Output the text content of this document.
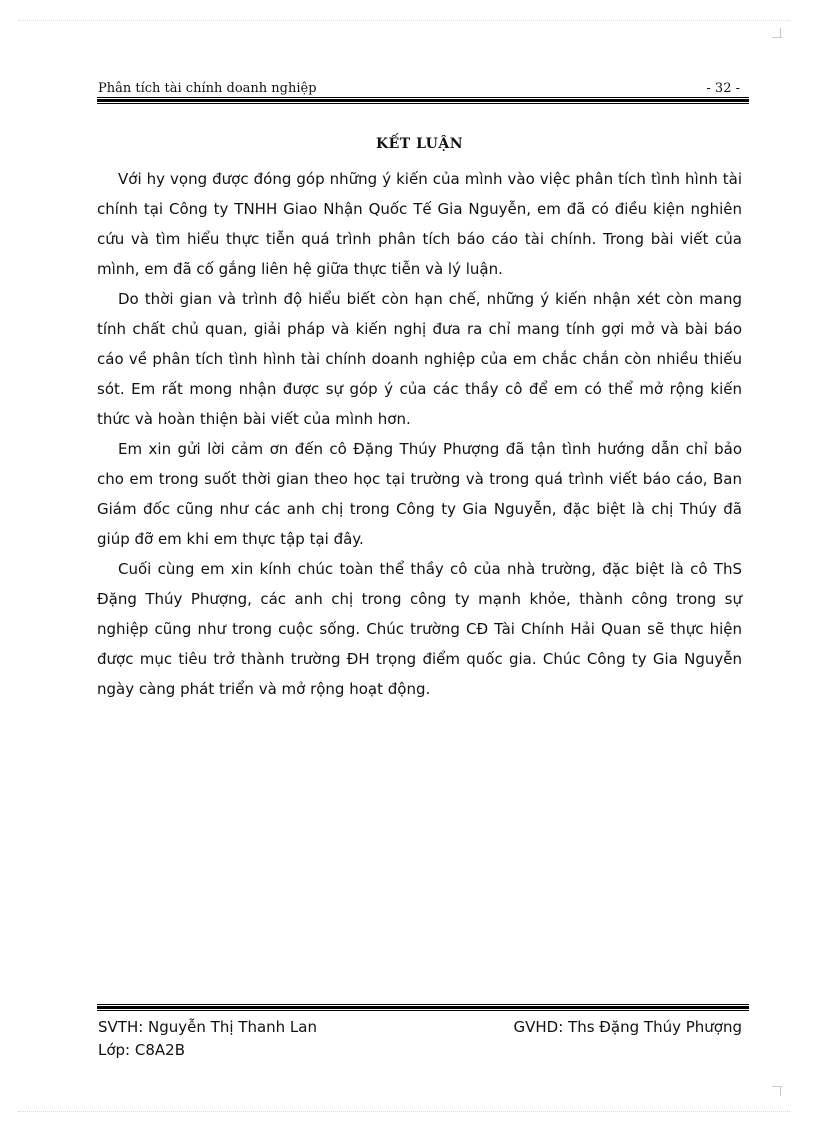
Phân tích tài chính doanh nghiệp	- 32 -
KẾT LUẬN

Với hy vọng được đóng góp những ý kiến của mình vào việc phân tích tình hình tài chính tại Công ty TNHH Giao Nhận Quốc Tế Gia Nguyễn, em đã có điều kiện nghiên cứu và tìm hiểu thực tiễn quá trình phân tích báo cáo tài chính. Trong bài viết của mình, em đã cố gắng liên hệ giữa thực tiễn và lý luận.

Do thời gian và trình độ hiểu biết còn hạn chế, những ý kiến nhận xét còn mang tính chất chủ quan, giải pháp và kiến nghị đưa ra chỉ mang tính gợi mở và bài báo cáo về phân tích tình hình tài chính doanh nghiệp của em chắc chắn còn nhiều thiếu sót. Em rất mong nhận được sự góp ý của các thầy cô để em có thể mở rộng kiến thức và hoàn thiện bài viết của mình hơn.

Em xin gửi lời cảm ơn đến cô Đặng Thúy Phượng đã tận tình hướng dẫn chỉ bảo cho em trong suốt thời gian theo học tại trường và trong quá trình viết báo cáo, Ban Giám đốc cũng như các anh chị trong Công ty Gia Nguyễn, đặc biệt là chị Thúy đã giúp đỡ em khi em thực tập tại đây.

Cuối cùng em xin kính chúc toàn thể thầy cô của nhà trường, đặc biệt là cô ThS Đặng Thúy Phượng, các anh chị trong công ty mạnh khỏe, thành công trong sự nghiệp cũng như trong cuộc sống. Chúc trường CĐ Tài Chính Hải Quan sẽ thực hiện được mục tiêu trở thành trường ĐH trọng điểm quốc gia. Chúc Công ty Gia Nguyễn ngày càng phát triển và mở rộng hoạt động.

SVTH: Nguyễn Thị Thanh Lan	GVHD: Ths Đặng Thúy Phượng
Lớp: C8A2B
